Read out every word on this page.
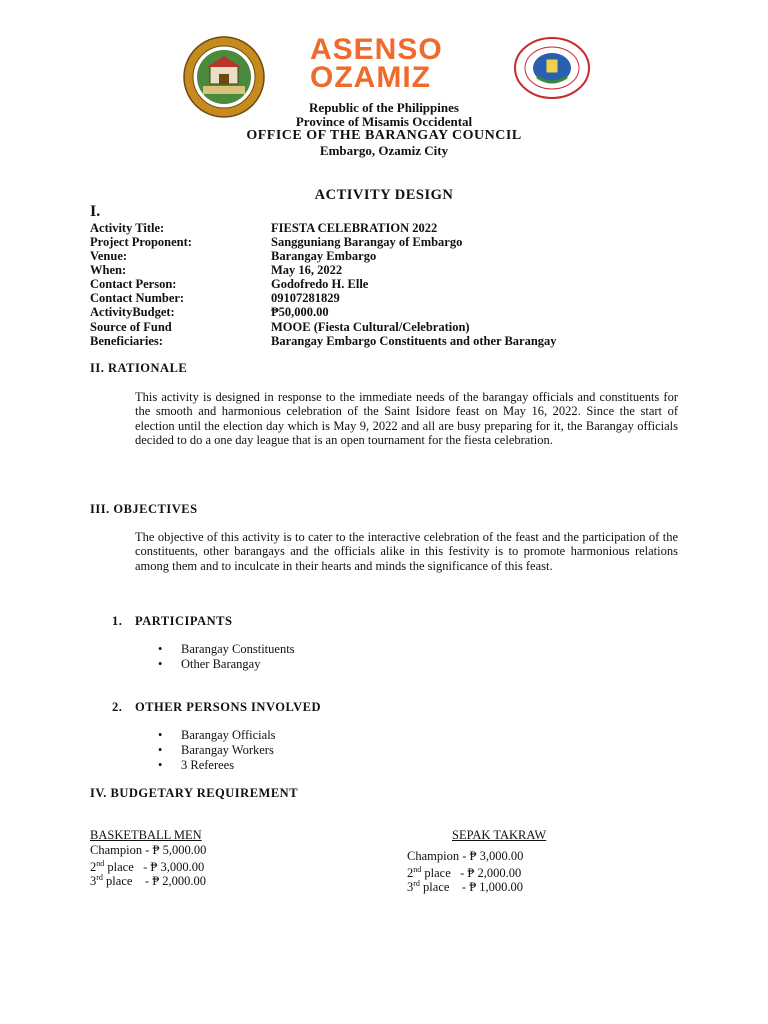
ASENSO
OZAMIZ
Republic of the Philippines
Province of Misamis Occidental
OFFICE OF THE BARANGAY COUNCIL
Embargo, Ozamiz City
ACTIVITY DESIGN
I.
Activity Title:	FIESTA CELEBRATION 2022
Project Proponent:	Sangguniang Barangay of Embargo
Venue:	Barangay Embargo
When:	May 16, 2022
Contact Person:	Godofredo H. Elle
Contact Number:	09107281829
ActivityBudget:	₱50,000.00
Source of Fund	MOOE (Fiesta Cultural/Celebration)
Beneficiaries:	Barangay Embargo Constituents and other Barangay
II. RATIONALE
This activity is designed in response to the immediate needs of the barangay officials and constituents for the smooth and harmonious celebration of the Saint Isidore feast on May 16, 2022. Since the start of election until the election day which is May 9, 2022 and all are busy preparing for it, the Barangay officials decided to do a one day league that is an open tournament for the fiesta celebration.
III. OBJECTIVES
The objective of this activity is to cater to the interactive celebration of the feast and the participation of the constituents, other barangays and the officials alike in this festivity is to promote harmonious relations among them and to inculcate in their hearts and minds the significance of this feast.
1. PARTICIPANTS
• Barangay Constituents
• Other Barangay
2. OTHER PERSONS INVOLVED
• Barangay Officials
• Barangay Workers
• 3 Referees
IV. BUDGETARY REQUIREMENT
BASKETBALL MEN
Champion - ₱ 5,000.00
2nd place   - ₱ 3,000.00
3rd place    - ₱ 2,000.00
SEPAK TAKRAW
Champion - ₱ 3,000.00
2nd place   - ₱ 2,000.00
3rd place    - ₱ 1,000.00
